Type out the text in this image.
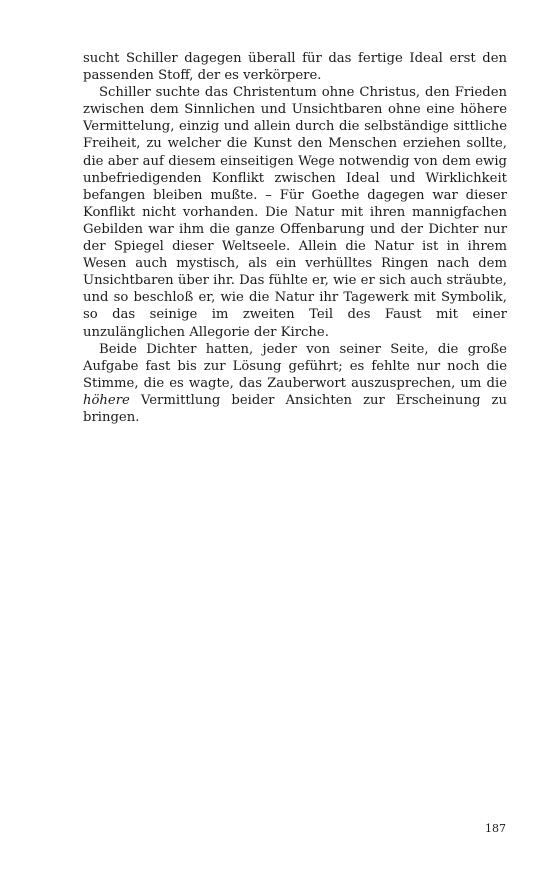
sucht Schiller dagegen überall für das fertige Ideal erst den passenden Stoff, der es verkörpere.

Schiller suchte das Christentum ohne Christus, den Frieden zwischen dem Sinnlichen und Unsichtbaren ohne eine höhere Vermittelung, einzig und allein durch die selbständige sittliche Freiheit, zu welcher die Kunst den Menschen erziehen sollte, die aber auf diesem einseitigen Wege notwendig von dem ewig unbefriedigenden Konflikt zwischen Ideal und Wirklichkeit befangen bleiben mußte. – Für Goethe dagegen war dieser Konflikt nicht vorhanden. Die Natur mit ihren mannigfachen Gebilden war ihm die ganze Offenbarung und der Dichter nur der Spiegel dieser Weltseele. Allein die Natur ist in ihrem Wesen auch mystisch, als ein verhülltes Ringen nach dem Unsichtbaren über ihr. Das fühlte er, wie er sich auch sträubte, und so beschloß er, wie die Natur ihr Tagewerk mit Symbolik, so das seinige im zweiten Teil des Faust mit einer unzulänglichen Allegorie der Kirche.

Beide Dichter hatten, jeder von seiner Seite, die große Aufgabe fast bis zur Lösung geführt; es fehlte nur noch die Stimme, die es wagte, das Zauberwort auszusprechen, um die höhere Vermittlung beider Ansichten zur Erscheinung zu bringen.

187
